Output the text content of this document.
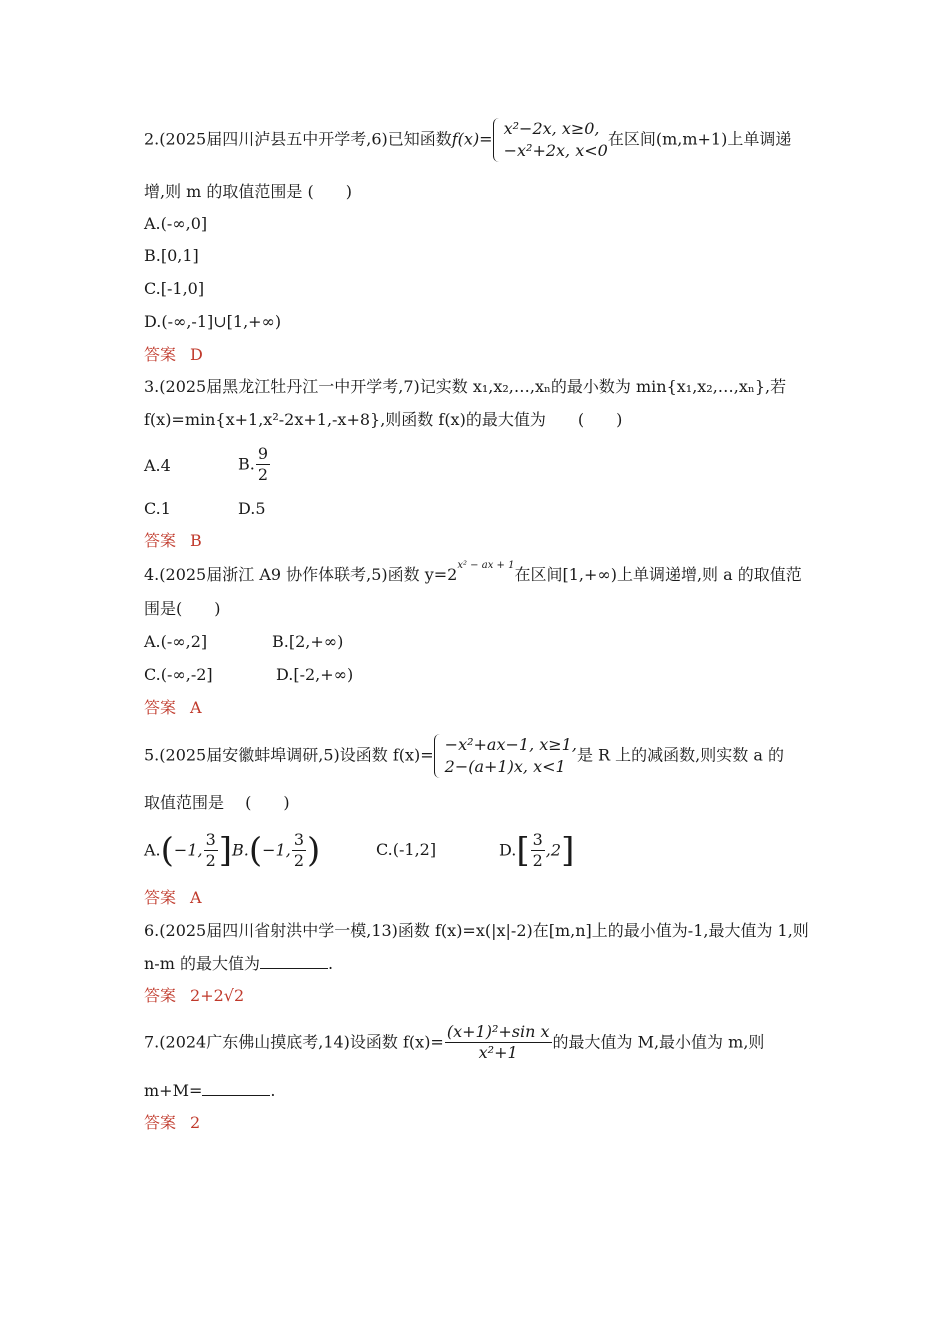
2.(2025届四川泸县五中开学考,6)已知函数f(x)=
x²−2x, x≥0,
−x²+2x, x<0
在区间(m,m+1)上单调递
增,则 m 的取值范围是 (　　)
A.(-∞,0]
B.[0,1]
C.[-1,0]
D.(-∞,-1]∪[1,+∞)
答案 D
3.(2025届黑龙江牡丹江一中开学考,7)记实数 x₁,x₂,…,xₙ的最小数为 min{x₁,x₂,…,xₙ},若
f(x)=min{x+1,x²-2x+1,-x+8},则函数 f(x)的最大值为　　(　　)
A.4	B. $\frac{9}{2}$
C.1	D.5
答案 B
4.(2025届浙江 A9 协作体联考,5)函数 $y=2^{x^2 - ax + 1}$在区间[1,+∞)上单调递增,则 a 的取值范
围是(　　)
A.(-∞,2]	B.[2,+∞)
C.(-∞,-2]	D.[-2,+∞)
答案 A
5.(2025届安徽蚌埠调研,5)设函数 f(x)=
−x²+ax−1, x≥1,
2−(a+1)x, x<1
是 R 上的减函数,则实数 a 的
取值范围是　 (　　)
A.(−1, $\frac{3}{2} ]B.(-1$, $\frac{3}{2}$ )	C.(-1,2]	$D.[ \frac{3}{2} ,2]$
答案 A
6.(2025届四川省射洪中学一模,13)函数 f(x)=x(|x|-2)在[m,n]上的最小值为-1,最大值为 1,则
n-m 的最大值为	.
答案 2+2√2
7.(2024广东佛山摸底考,14)设函数 $f(x)= \frac{\text{(x+1)²+sin x}}{\text{x²+1}}$ 的最大值为 M,最小值为 m,则
m+M=	.
答案 2
